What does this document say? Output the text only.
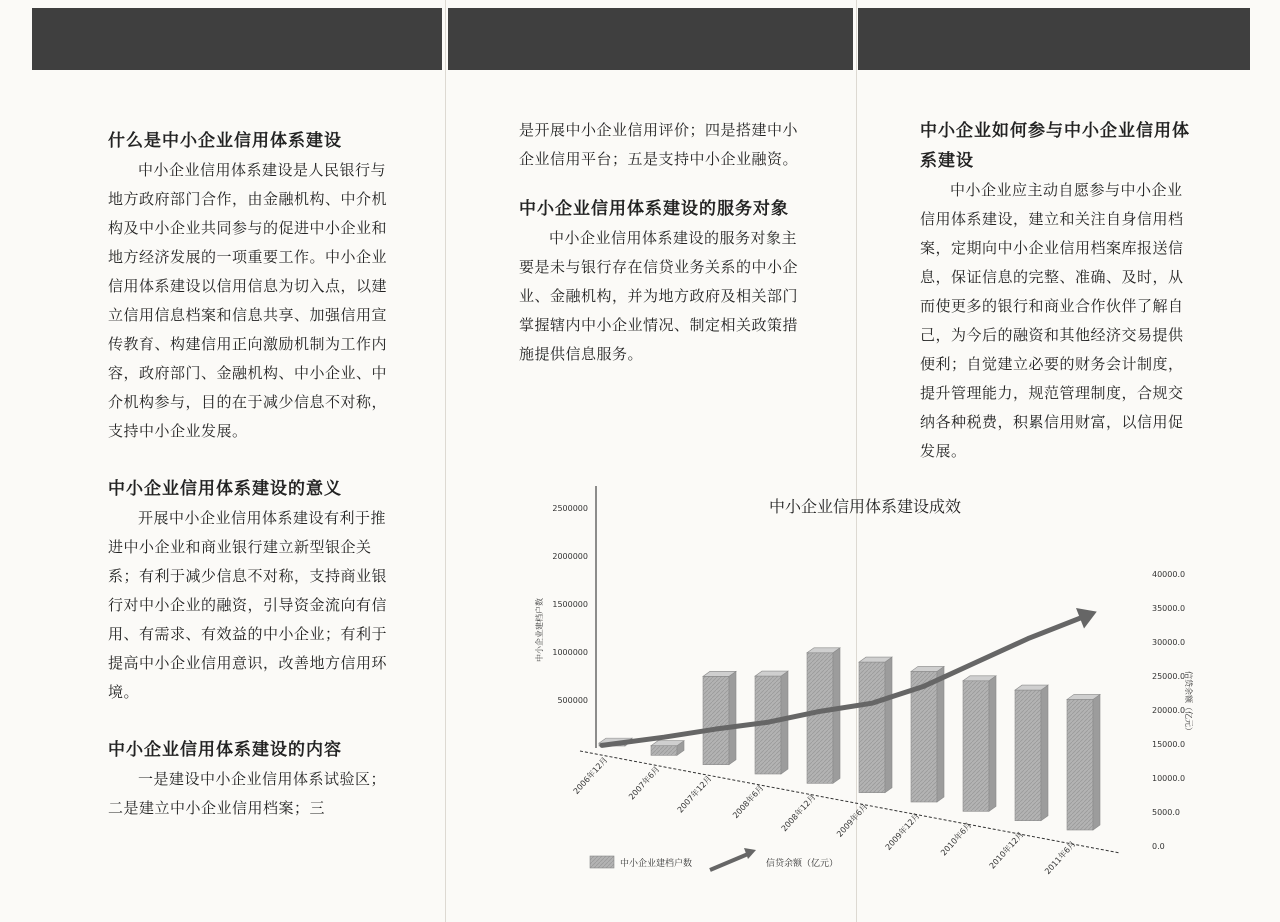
什么是中小企业信用体系建设

中小企业信用体系建设是人民银行与地方政府部门合作，由金融机构、中介机构及中小企业共同参与的促进中小企业和地方经济发展的一项重要工作。中小企业信用体系建设以信用信息为切入点，以建立信用信息档案和信息共享、加强信用宣传教育、构建信用正向激励机制为工作内容，政府部门、金融机构、中小企业、中介机构参与，目的在于减少信息不对称，支持中小企业发展。

中小企业信用体系建设的意义

开展中小企业信用体系建设有利于推进中小企业和商业银行建立新型银企关系；有利于减少信息不对称，支持商业银行对中小企业的融资，引导资金流向有信用、有需求、有效益的中小企业；有利于提高中小企业信用意识，改善地方信用环境。

中小企业信用体系建设的内容

一是建设中小企业信用体系试验区；二是建立中小企业信用档案；三

是开展中小企业信用评价；四是搭建中小企业信用平台；五是支持中小企业融资。

中小企业信用体系建设的服务对象

中小企业信用体系建设的服务对象主要是未与银行存在信贷业务关系的中小企业、金融机构，并为地方政府及相关部门掌握辖内中小企业情况、制定相关政策措施提供信息服务。

中小企业如何参与中小企业信用体系建设

中小企业应主动自愿参与中小企业信用体系建设，建立和关注自身信用档案，定期向中小企业信用档案库报送信息，保证信息的完整、准确、及时，从而使更多的银行和商业合作伙伴了解自己，为今后的融资和其他经济交易提供便利；自觉建立必要的财务会计制度，提升管理能力，规范管理制度，合规交纳各种税费，积累信用财富，以信用促发展。

中小企业信用体系建设成效
中小企业建档户数
信贷余额（亿元）
500000
1000000
1500000
2000000
2500000
0.0
5000.0
10000.0
15000.0
20000.0
25000.0
30000.0
35000.0
40000.0
2006年12月 2007年6月 2007年12月 2008年6月 2008年12月 2009年6月 2009年12月 2010年6月 2010年12月 2011年6月
中小企业建档户数	信贷余额（亿元）
